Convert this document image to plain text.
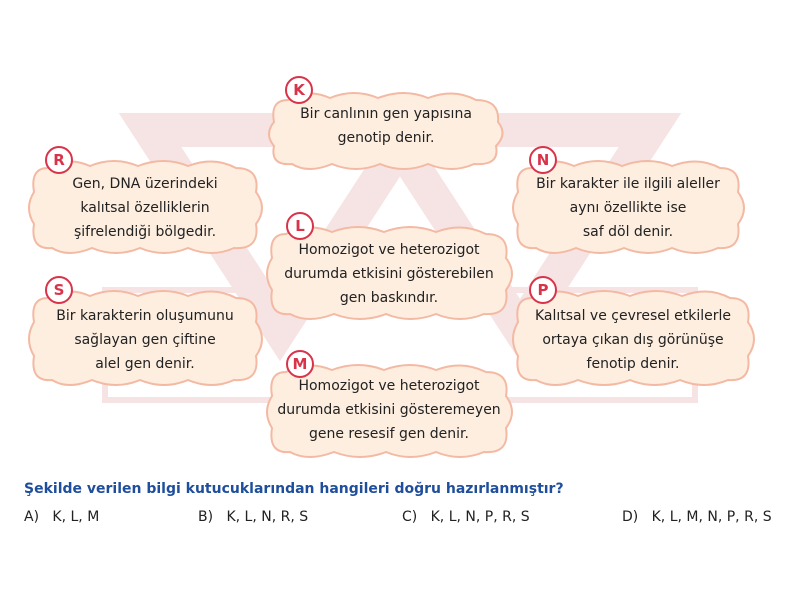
K
Bir canlının gen yapısına
genotip denir.
R
Gen, DNA üzerindeki
kalıtsal özelliklerin
şifrelendiği bölgedir.
N
Bir karakter ile ilgili aleller
aynı özellikte ise
saf döl denir.
L
Homozigot ve heterozigot
durumda etkisini gösterebilen
gen baskındır.
S
Bir karakterin oluşumunu
sağlayan gen çiftine
alel gen denir.
P
Kalıtsal ve çevresel etkilerle
ortaya çıkan dış görünüşe
fenotip denir.
M
Homozigot ve heterozigot
durumda etkisini gösteremeyen
gene resesif gen denir.
Şekilde verilen bilgi kutucuklarından hangileri doğru hazırlanmıştır?
A) K, L, M	B) K, L, N, R, S	C) K, L, N, P, R, S	D) K, L, M, N, P, R, S
